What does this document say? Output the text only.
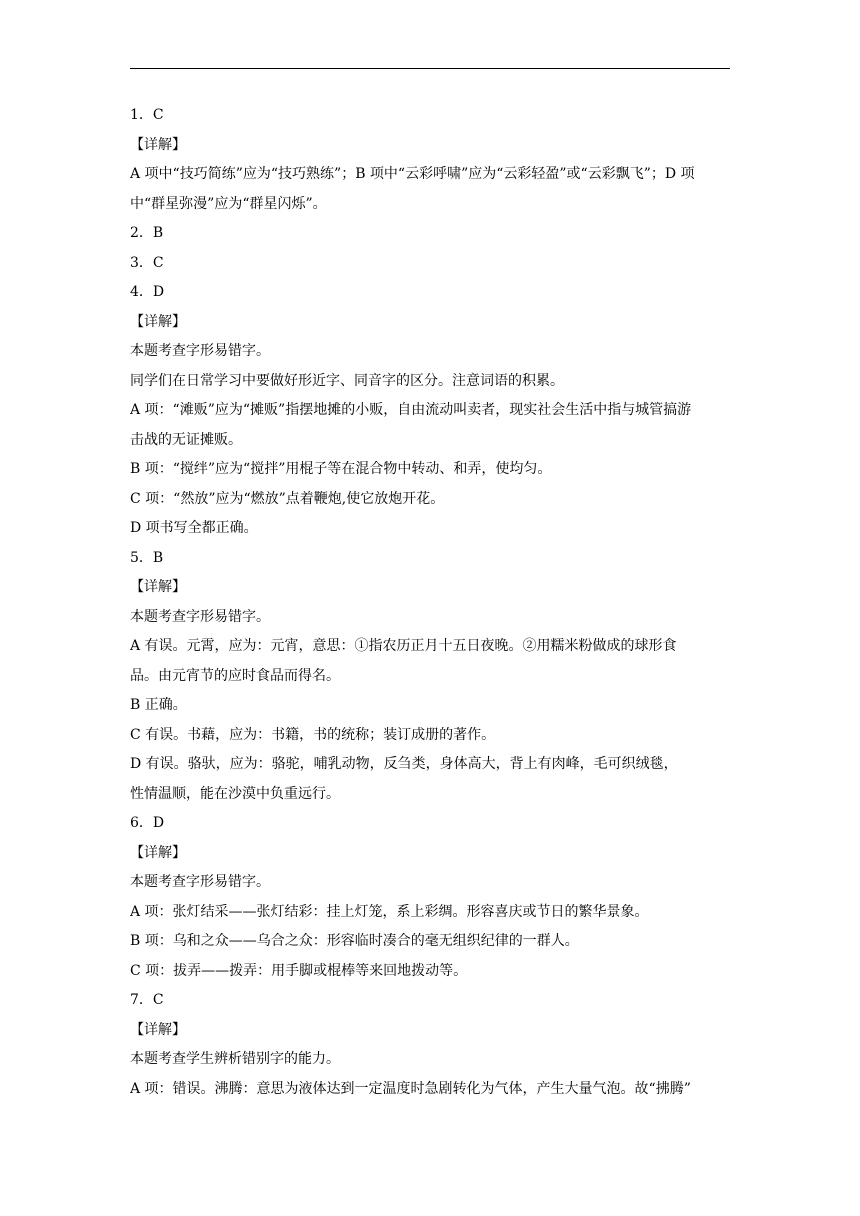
1．C
【详解】
A 项中“技巧简练”应为“技巧熟练”；B 项中“云彩呼啸”应为“云彩轻盈”或“云彩飘飞”；D 项
中“群星弥漫”应为“群星闪烁”。
2．B
3．C
4．D
【详解】
本题考查字形易错字。
同学们在日常学习中要做好形近字、同音字的区分。注意词语的积累。
A 项：“滩贩”应为“摊贩”指摆地摊的小贩，自由流动叫卖者，现实社会生活中指与城管搞游
击战的无证摊贩。
B 项：“搅绊”应为“搅拌”用棍子等在混合物中转动、和弄，使均匀。
C 项：“然放”应为“燃放”点着鞭炮,使它放炮开花。
D 项书写全都正确。
5．B
【详解】
本题考查字形易错字。
A 有误。元霄，应为：元宵，意思：①指农历正月十五日夜晚。②用糯米粉做成的球形食
品。由元宵节的应时食品而得名。
B 正确。
C 有误。书藉，应为：书籍，书的统称；装订成册的著作。
D 有误。骆驮，应为：骆驼，哺乳动物，反刍类，身体高大，背上有肉峰，毛可织绒毯，
性情温顺，能在沙漠中负重远行。
6．D
【详解】
本题考查字形易错字。
A 项：张灯结采——张灯结彩：挂上灯笼，系上彩绸。形容喜庆或节日的繁华景象。
B 项：乌和之众——乌合之众：形容临时凑合的毫无组织纪律的一群人。
C 项：拔弄——拨弄：用手脚或棍棒等来回地拨动等。
7．C
【详解】
本题考查学生辨析错别字的能力。
A 项：错误。沸腾：意思为液体达到一定温度时急剧转化为气体，产生大量气泡。故“拂腾”
